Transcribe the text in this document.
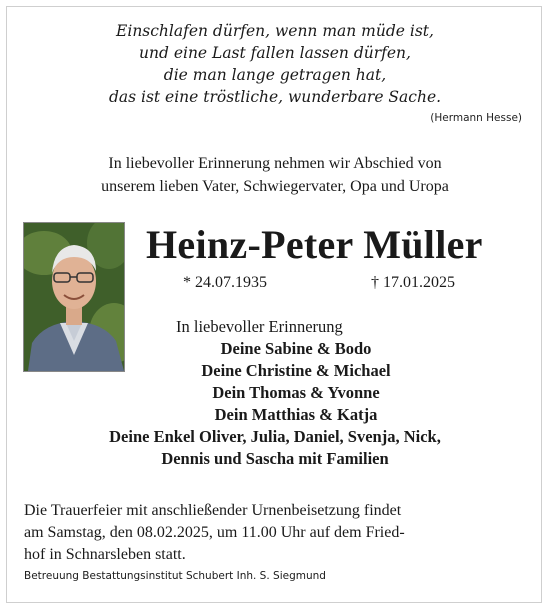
Einschlafen dürfen, wenn man müde ist,
und eine Last fallen lassen dürfen,
die man lange getragen hat,
das ist eine tröstliche, wunderbare Sache.
(Hermann Hesse)
In liebevoller Erinnerung nehmen wir Abschied von
unserem lieben Vater, Schwiegervater, Opa und Uropa
Heinz-Peter Müller
* 24.07.1935	† 17.01.2025
In liebevoller Erinnerung
Deine Sabine & Bodo
Deine Christine & Michael
Dein Thomas & Yvonne
Dein Matthias & Katja
Deine Enkel Oliver, Julia, Daniel, Svenja, Nick,
Dennis und Sascha mit Familien
Die Trauerfeier mit anschließender Urnenbeisetzung findet
am Samstag, den 08.02.2025, um 11.00 Uhr auf dem Fried-
hof in Schnarsleben statt.
Betreuung Bestattungsinstitut Schubert Inh. S. Siegmund
